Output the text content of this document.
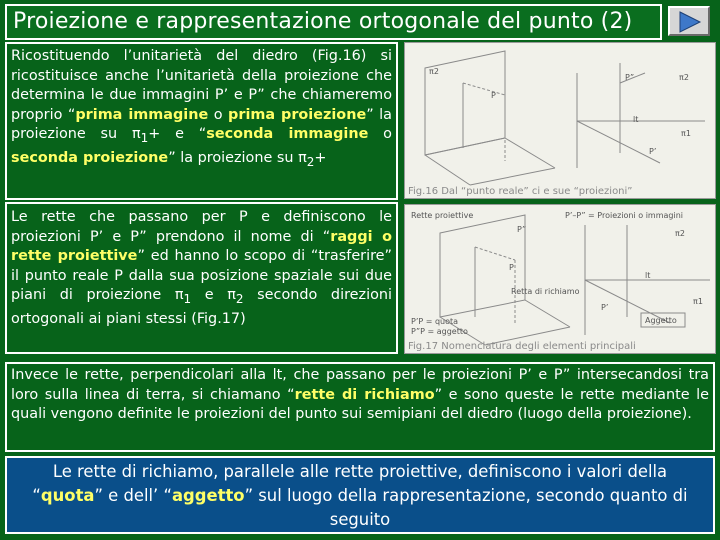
Proiezione e rappresentazione ortogonale del punto (2)
Ricostituendo l’unitarietà del diedro (Fig.16) si ricostituisce anche l’unitarietà della proiezione che determina le due immagini P’ e P” che chiameremo proprio “prima immagine o prima proiezione” la proiezione su $\pi_1+ e$ “seconda immagine o seconda proiezione” la proiezione su $\pi_2+$
π2
π2
P
P”
lt
π1
P’
Fig.16 Dal “punto reale” ci e sue “proiezioni”
Le rette che passano per P e definiscono le proiezioni P’ e P” prendono il nome di “raggi o rette proiettive” ed hanno lo scopo di “trasferire” il punto reale P dalla sua posizione spaziale sui due piani di proiezione $\pi_1$ e $\pi_2$ secondo direzioni ortogonali ai piani stessi (Fig.17)
Rette proiettive	P’–P” = Proiezioni o immagini
P”	π2
P
lt
Retta di richiamo
P’
P’P = quota
P”P = aggetto
Aggetto
π1
Fig.17 Nomenclatura degli elementi principali
Invece le rette, perpendicolari alla lt, che passano per le proiezioni P’ e P” intersecandosi tra loro sulla linea di terra, si chiamano “rette di richiamo” e sono queste le rette mediante le quali vengono definite le proiezioni del punto sui semipiani del diedro (luogo della proiezione).
Le rette di richiamo, parallele alle rette proiettive, definiscono i valori della “quota” e dell’ “aggetto” sul luogo della rappresentazione, secondo quanto di seguito
